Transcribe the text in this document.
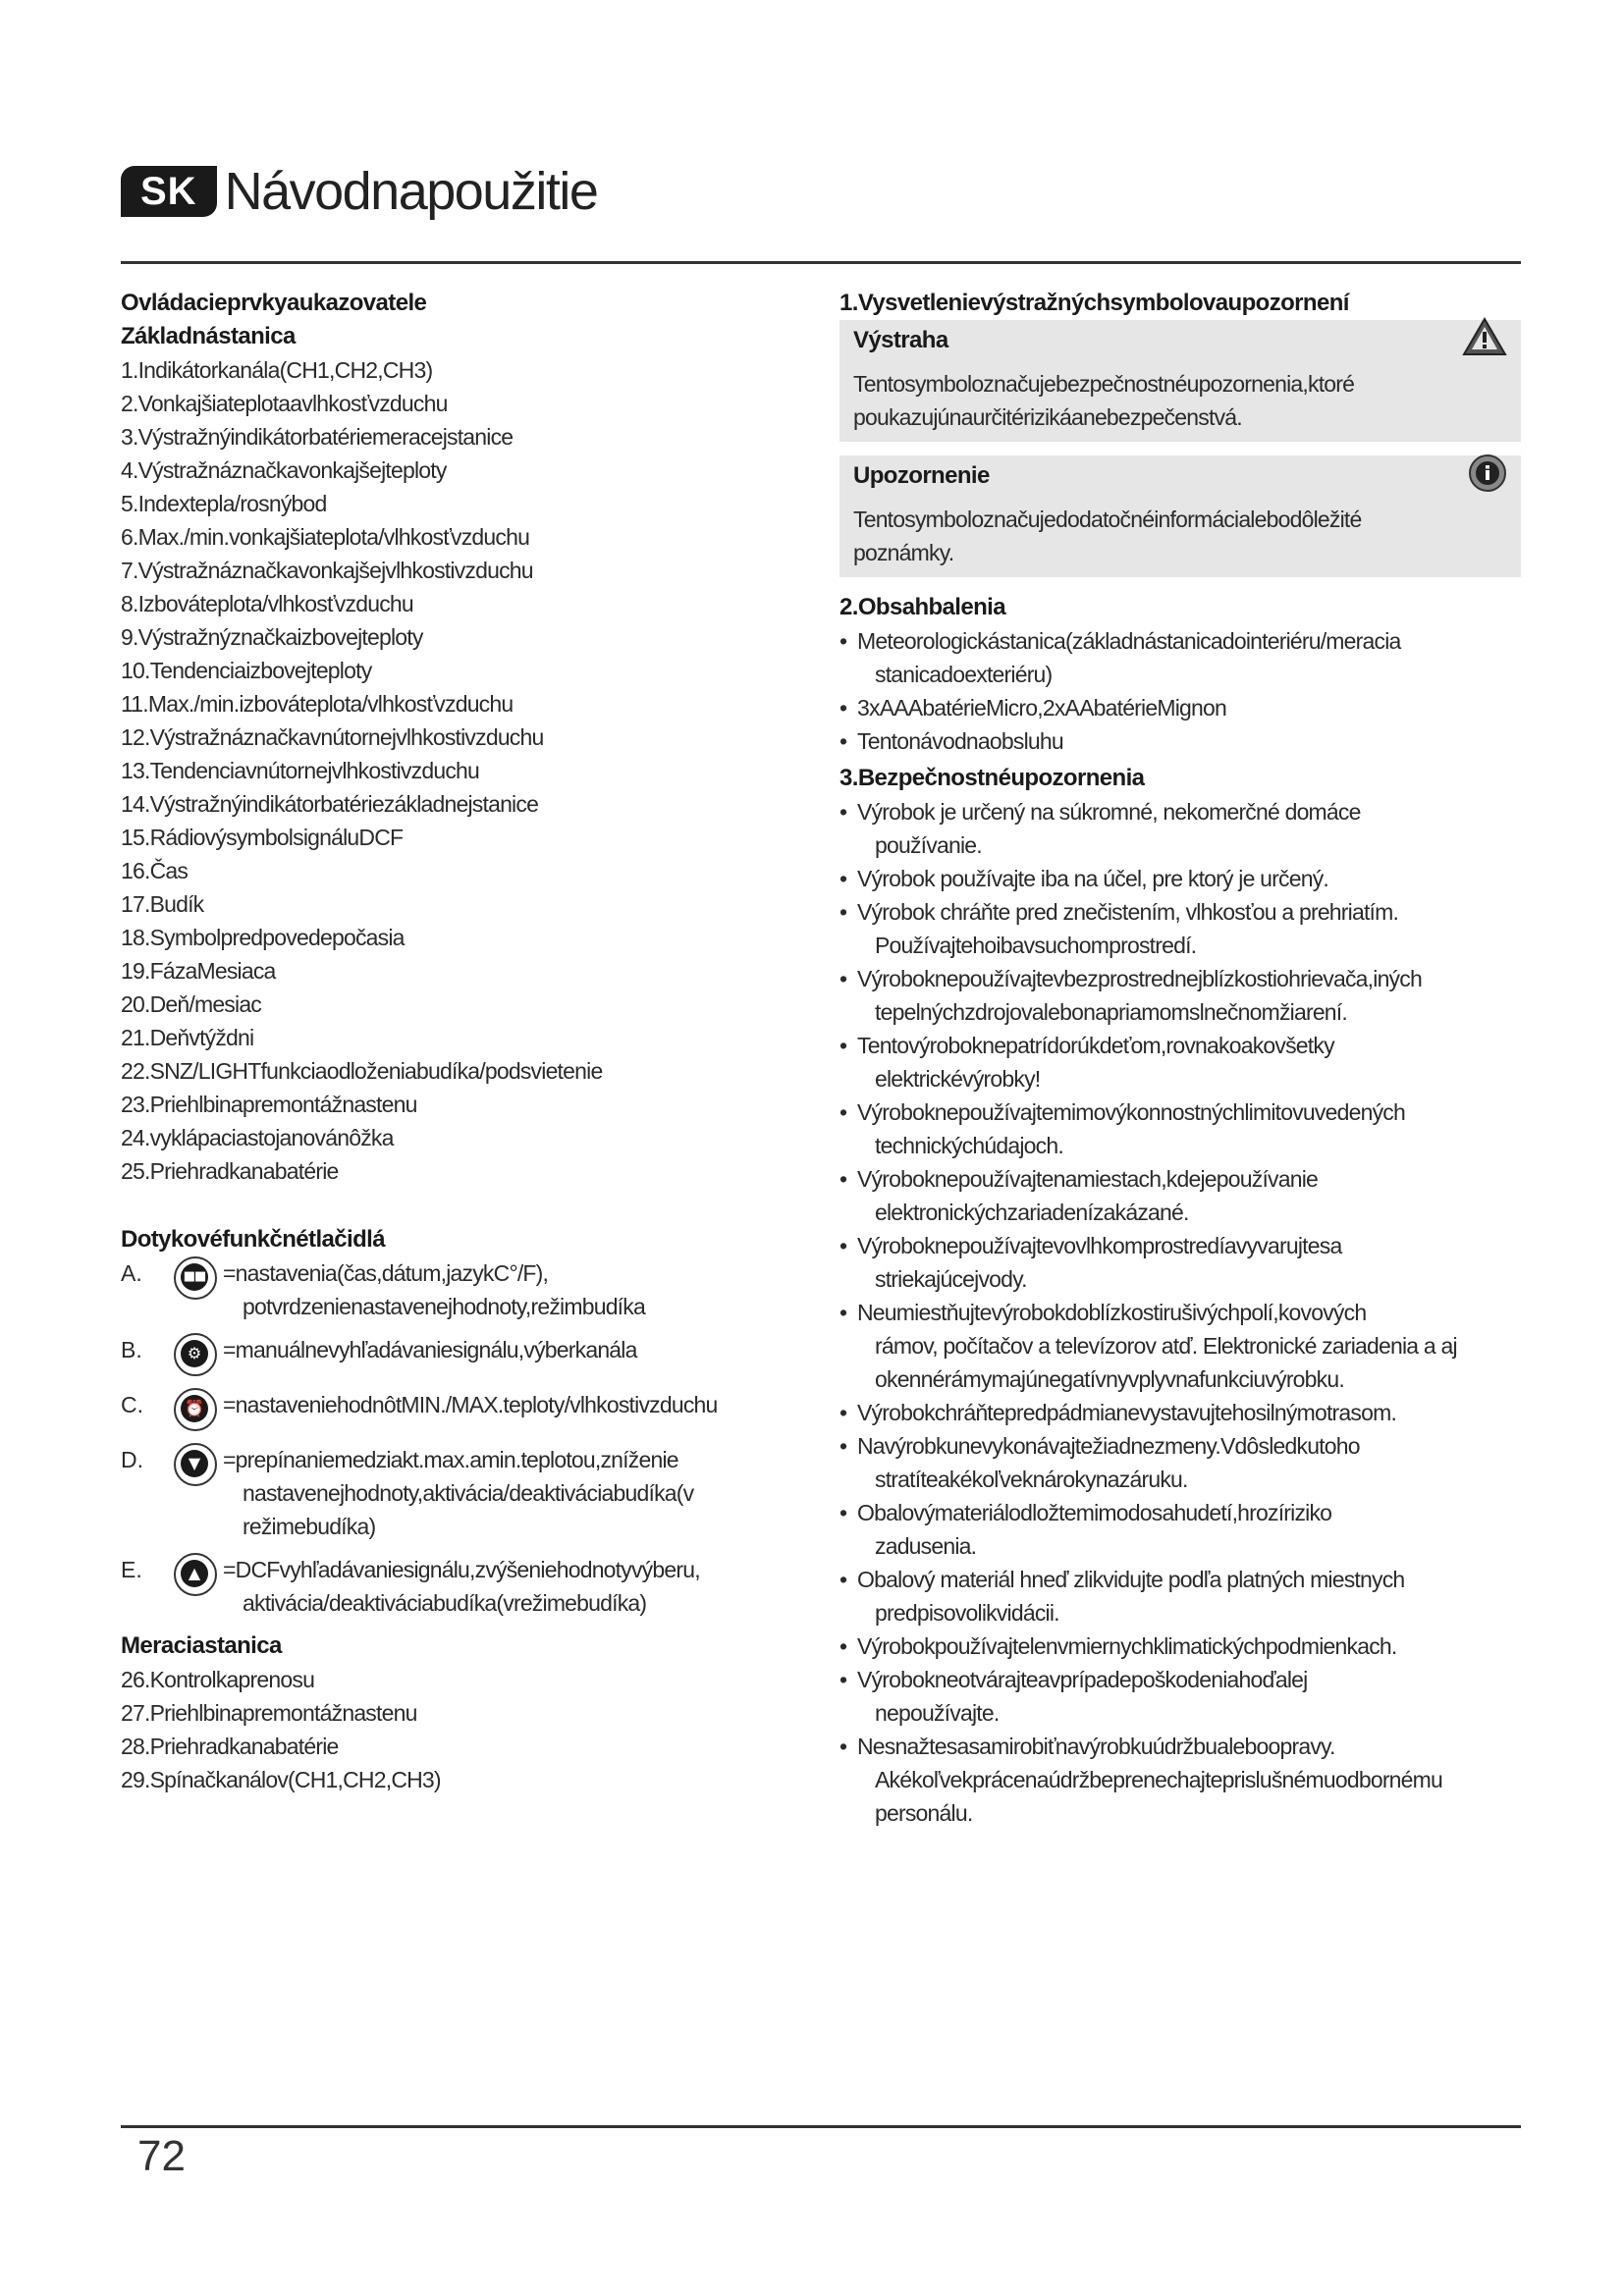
SK Návodnapoužitie
Ovládacieprvkyaukazovatele
Základnástanica
1.Indikátorkanála(CH1,CH2,CH3)
2.Vonkajšiateplotaavlhkosťvzduchu
3.Výstražnýindikátorbatériemeracejstanice
4.Výstražnáznačkavonkajšejteploty
5.Indextepla/rosnýbod
6.Max./min.vonkajšiateplota/vlhkosťvzduchu
7.Výstražnáznačkavonkajšejvlhkostivzduchu
8.Izbováteplota/vlhkosťvzduchu
9.Výstražnýznačkaizbovejteploty
10.Tendenciaizbovejteploty
11.Max./min.izbováteplota/vlhkosťvzduchu
12.Výstražnáznačkavnútornejvlhkostivzduchu
13.Tendenciavnútornejvlhkostivzduchu
14.Výstražnýindikátorbatériezákladnejstanice
15.RádiovýsymbolsignáluDCF
16.Čas
17.Budík
18.Symbolpredpovedepočasia
19.FázaMesiaca
20.Deň/mesiac
21.Deňvtýždni
22.SNZ/LIGHTfunkciaodloženiabudíka/podsvietenie
23.Priehlbinapremontážnastenu
24.vyklápaciastojanovánôžka
25.Priehradkanabatérie
Dotykovéfunkčnétlačidlá
A.	■■ =nastavenia(čas,dátum,jazykC°/F),
potvrdzenienastavenejhodnoty,režimbudíka
B.	⚙ =manuálnevyhľadávaniesignálu,výberkanála
C.	⏰ =nastaveniehodnôtMIN./MAX.teploty/vlhkostivzduchu
D.	▼ =prepínaniemedziakt.max.amin.teplotou,zníženie
nastavenejhodnoty,aktivácia/deaktiváciabudíka(v
režimebudíka)
E.	▲ =DCFvyhľadávaniesignálu,zvýšeniehodnotyvýberu,
aktivácia/deaktiváciabudíka(vrežimebudíka)
Meraciastanica
26.Kontrolkaprenosu
27.Priehlbinapremontážnastenu
28.Priehradkanabatérie
29.Spínačkanálov(CH1,CH2,CH3)
1.Vysvetlenievýstražnýchsymbolovaupozornení
Výstraha
Tentosymboloznačujebezpečnostnéupozornenia,ktoré
poukazujúnaurčitérizikáanebezpečenstvá.
Upozornenie
Tentosymboloznačujedodatočnéinformácialebodôležité
poznámky.
2.Obsahbalenia
• Meteorologickástanica(základnástanicadointeriéru/meracia
stanicadoexteriéru)
• 3xAAAbatérieMicro,2xAAbatérieMignon
• Tentonávodnaobsluhu
3.Bezpečnostnéupozornenia
• Výrobok je určený na súkromné, nekomerčné domáce
používanie.
• Výrobok používajte iba na účel, pre ktorý je určený.
• Výrobok chráňte pred znečistením, vlhkosťou a prehriatím.
Používajtehoibavsuchomprostredí.
• Výroboknepoužívajtevbezprostrednejblízkostiohrievača,iných
tepelnýchzdrojovalebonapriamomslnečnomžiarení.
• Tentovýroboknepatrídorúkdeťom,rovnakoakovšetky
elektrickévýrobky!
• Výroboknepoužívajtemimovýkonnostnýchlimitovuvedených
technickýchúdajoch.
• Výroboknepoužívajtenamiestach,kdejepoužívanie
elektronickýchzariadenízakázané.
• Výroboknepoužívajtevovlhkomprostredíavyvarujtesa
striekajúcejvody.
• Neumiestňujtevýrobokdoblízkostirušivýchpolí,kovových
rámov, počítačov a televízorov atď. Elektronické zariadenia a aj
okennérámymajúnegatívnyvplyvnafunkciuvýrobku.
• Výrobokchráňtepredpádmianevystavujtehosilnýmotrasom.
• Navýrobkunevykonávajtežiadnezmeny.Vdôsledkutoho
stratíteakékoľveknárokynazáruku.
• Obalovýmateriálodložtemimodosahudetí,hrozíriziko
zadusenia.
• Obalový materiál hneď zlikvidujte podľa platných miestnych
predpisovolikvidácii.
• Výrobokpoužívajtelenvmiernychklimatickýchpodmienkach.
• Výrobokneotvárajteavprípadepoškodeniahoďalej
nepoužívajte.
• Nesnažtesasamirobiťnavýrobkuúdržbualeboopravy.
Akékoľvekprácenaúdržbeprenechajteprislušnémuodbornému
personálu.
72
